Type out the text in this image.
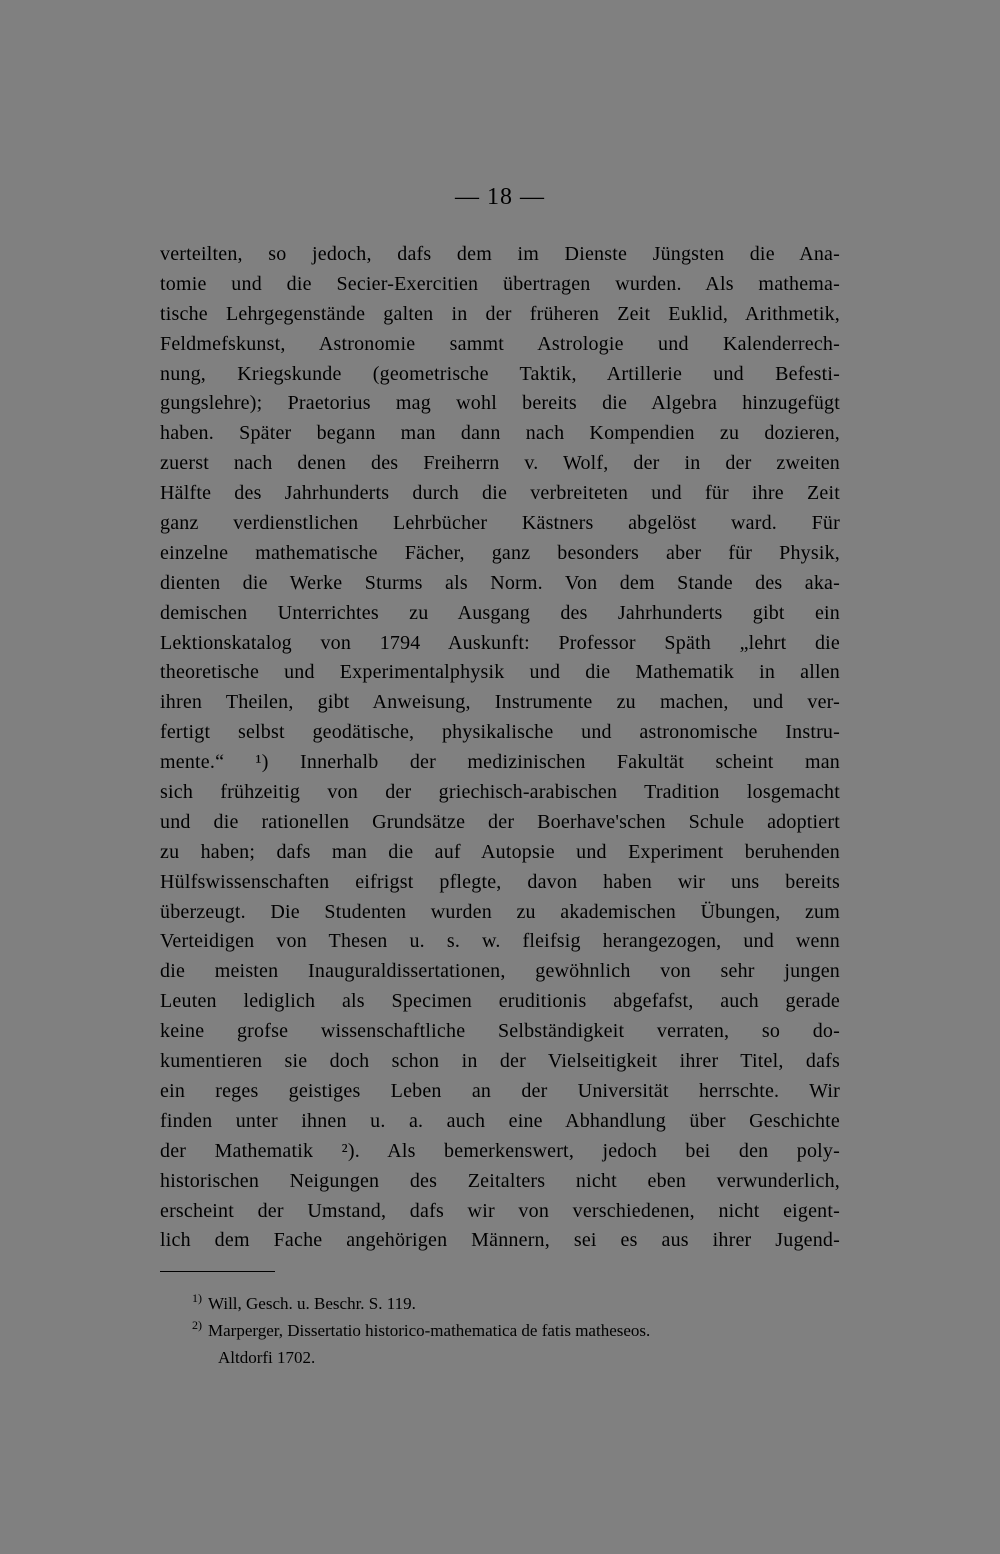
— 18 —
verteilten, so jedoch, dafs dem im Dienste Jüngsten die Ana-
tomie und die Secier-Exercitien übertragen wurden. Als mathema-
tische Lehrgegenstände galten in der früheren Zeit Euklid, Arithmetik,
Feldmefskunst, Astronomie sammt Astrologie und Kalenderrech-
nung, Kriegskunde (geometrische Taktik, Artillerie und Befesti-
gungslehre); Praetorius mag wohl bereits die Algebra hinzugefügt
haben. Später begann man dann nach Kompendien zu dozieren,
zuerst nach denen des Freiherrn v. Wolf, der in der zweiten
Hälfte des Jahrhunderts durch die verbreiteten und für ihre Zeit
ganz verdienstlichen Lehrbücher Kästners abgelöst ward. Für
einzelne mathematische Fächer, ganz besonders aber für Physik,
dienten die Werke Sturms als Norm. Von dem Stande des aka-
demischen Unterrichtes zu Ausgang des Jahrhunderts gibt ein
Lektionskatalog von 1794 Auskunft: Professor Späth „lehrt die
theoretische und Experimentalphysik und die Mathematik in allen
ihren Theilen, gibt Anweisung, Instrumente zu machen, und ver-
fertigt selbst geodätische, physikalische und astronomische Instru-
mente.“ ¹) Innerhalb der medizinischen Fakultät scheint man
sich frühzeitig von der griechisch-arabischen Tradition losgemacht
und die rationellen Grundsätze der Boerhave'schen Schule adoptiert
zu haben; dafs man die auf Autopsie und Experiment beruhenden
Hülfswissenschaften eifrigst pflegte, davon haben wir uns bereits
überzeugt. Die Studenten wurden zu akademischen Übungen, zum
Verteidigen von Thesen u. s. w. fleifsig herangezogen, und wenn
die meisten Inauguraldissertationen, gewöhnlich von sehr jungen
Leuten lediglich als Specimen eruditionis abgefafst, auch gerade
keine grofse wissenschaftliche Selbständigkeit verraten, so do-
kumentieren sie doch schon in der Vielseitigkeit ihrer Titel, dafs
ein reges geistiges Leben an der Universität herrschte. Wir
finden unter ihnen u. a. auch eine Abhandlung über Geschichte
der Mathematik ²). Als bemerkenswert, jedoch bei den poly-
historischen Neigungen des Zeitalters nicht eben verwunderlich,
erscheint der Umstand, dafs wir von verschiedenen, nicht eigent-
lich dem Fache angehörigen Männern, sei es aus ihrer Jugend-
$^{1)}$ Will, Gesch. u. Beschr. S. 119.
$^{2)}$ Marperger, Dissertatio historico-mathematica de fatis matheseos.
Altdorfi 1702.
